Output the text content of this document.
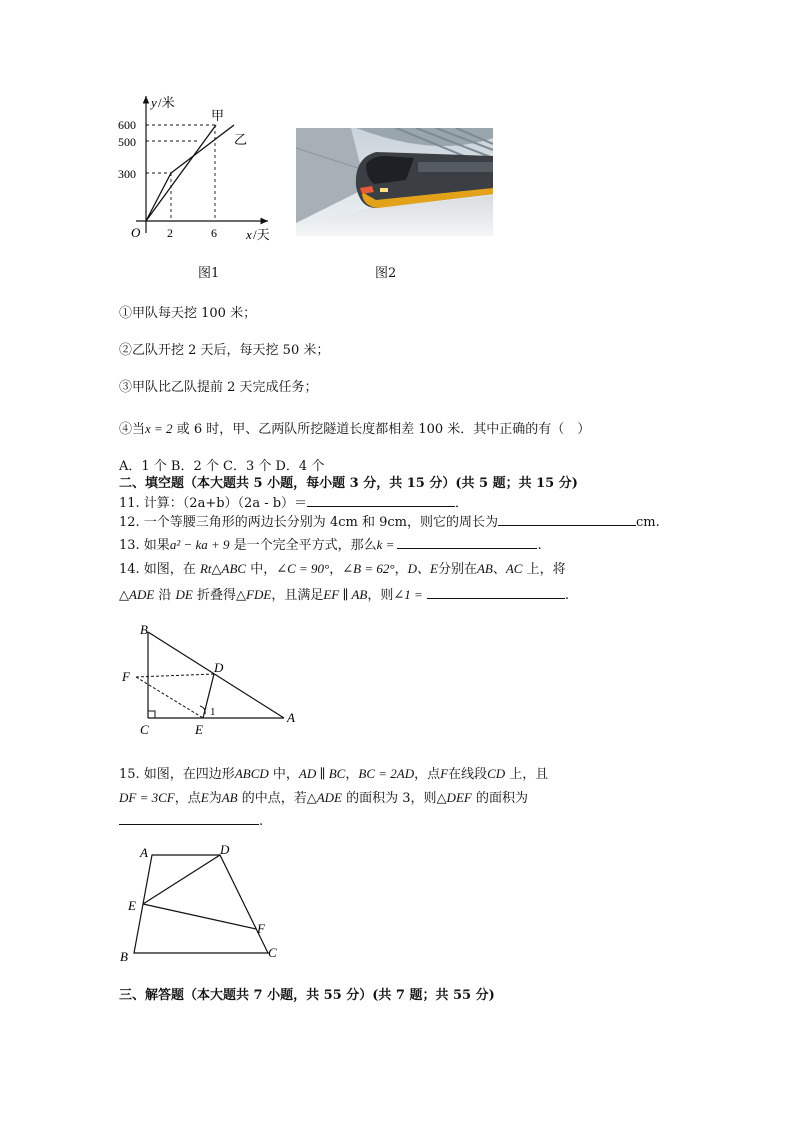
y /米
x /天
O
600
500
300
2	6
甲
乙
图1	图2
①甲队每天挖 100 米；
②乙队开挖 2 天后，每天挖 50 米；
③甲队比乙队提前 2 天完成任务；
④当x = 2 或 6 时，甲、乙两队所挖隧道长度都相差 100 米．其中正确的有（　）
A．1 个 B．2 个 C．3 个 D．4 个
二、填空题（本大题共 5 小题，每小题 3 分，共 15 分）(共 5 题；共 15 分)
11. 计算：（2a+b）（2a - b）＝	．
12. 一个等腰三角形的两边长分别为 4cm 和 9cm，则它的周长为	cm.
13. 如果a² − ka + 9 是一个完全平方式，那么k =	.
14. 如图，在 Rt△ABC 中，∠C = 90°，∠B = 62°，D、E分别在AB、AC 上，将
△ADE 沿 DE 折叠得△FDE，且满足EF ∥ AB，则∠1 =	.
B
F
D
C	E
A
1
15. 如图，在四边形ABCD 中，AD ∥ BC，BC = 2AD，点F在线段CD 上，且
DF = 3CF，点E为AB 的中点，若△ADE 的面积为 3，则△DEF 的面积为
.
A	D
E
F
B	C
三、解答题（本大题共 7 小题，共 55 分）(共 7 题；共 55 分)
